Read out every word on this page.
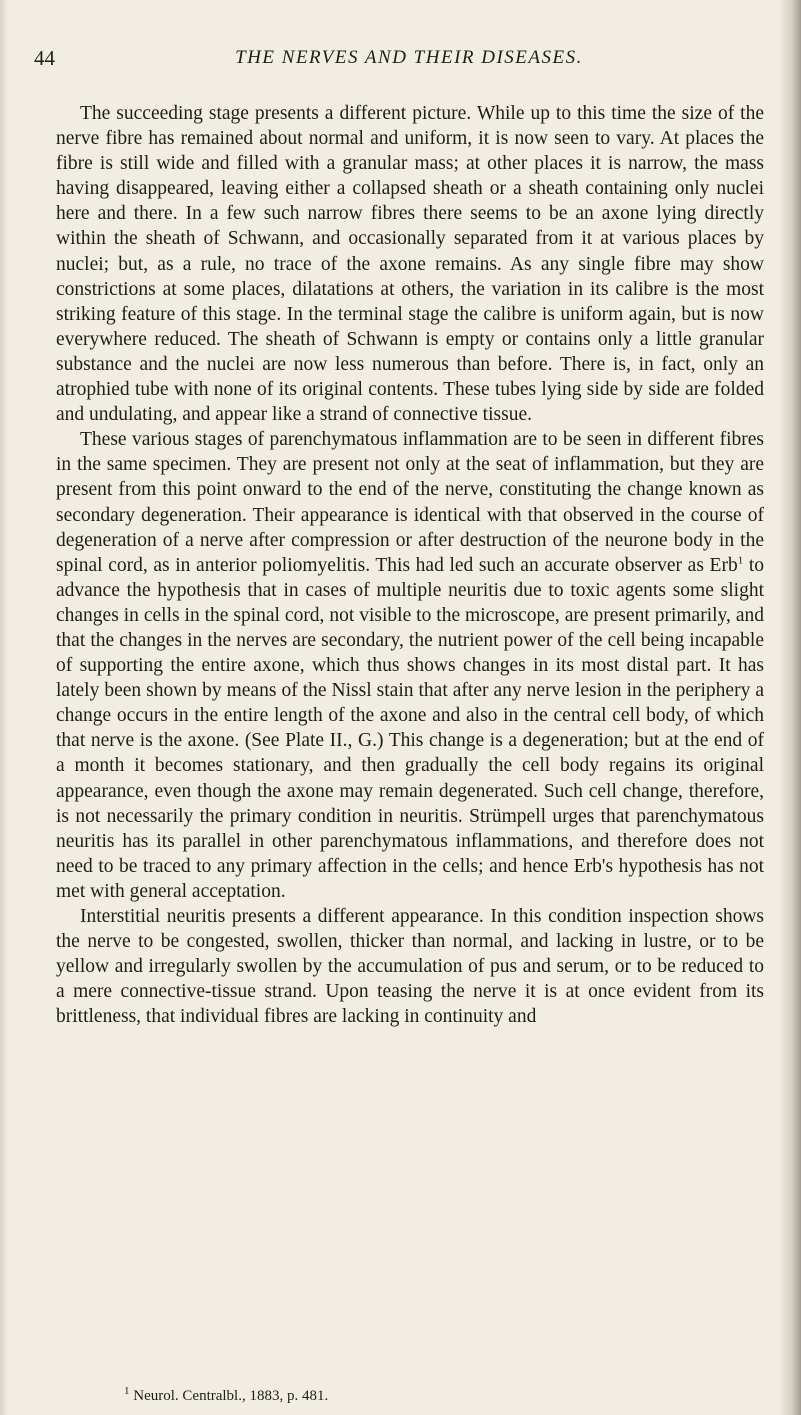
44	THE NERVES AND THEIR DISEASES.

The succeeding stage presents a different picture. While up to this time the size of the nerve fibre has remained about normal and uniform, it is now seen to vary. At places the fibre is still wide and filled with a granular mass; at other places it is narrow, the mass having disappeared, leaving either a collapsed sheath or a sheath containing only nuclei here and there. In a few such narrow fibres there seems to be an axone lying directly within the sheath of Schwann, and occasionally separated from it at various places by nuclei; but, as a rule, no trace of the axone remains. As any single fibre may show constrictions at some places, dilatations at others, the variation in its calibre is the most striking feature of this stage. In the terminal stage the calibre is uniform again, but is now everywhere reduced. The sheath of Schwann is empty or contains only a little granular substance and the nuclei are now less numerous than before. There is, in fact, only an atrophied tube with none of its original contents. These tubes lying side by side are folded and undulating, and appear like a strand of connective tissue.

These various stages of parenchymatous inflammation are to be seen in different fibres in the same specimen. They are present not only at the seat of inflammation, but they are present from this point onward to the end of the nerve, constituting the change known as secondary degeneration. Their appearance is identical with that observed in the course of degeneration of a nerve after compression or after destruction of the neurone body in the spinal cord, as in anterior poliomyelitis. This had led such an accurate observer as Erb$^1$ to advance the hypothesis that in cases of multiple neuritis due to toxic agents some slight changes in cells in the spinal cord, not visible to the microscope, are present primarily, and that the changes in the nerves are secondary, the nutrient power of the cell being incapable of supporting the entire axone, which thus shows changes in its most distal part. It has lately been shown by means of the Nissl stain that after any nerve lesion in the periphery a change occurs in the entire length of the axone and also in the central cell body, of which that nerve is the axone. (See Plate II., G.) This change is a degeneration; but at the end of a month it becomes stationary, and then gradually the cell body regains its original appearance, even though the axone may remain degenerated. Such cell change, therefore, is not necessarily the primary condition in neuritis. Strümpell urges that parenchymatous neuritis has its parallel in other parenchymatous inflammations, and therefore does not need to be traced to any primary affection in the cells; and hence Erb's hypothesis has not met with general acceptation.

Interstitial neuritis presents a different appearance. In this condition inspection shows the nerve to be congested, swollen, thicker than normal, and lacking in lustre, or to be yellow and irregularly swollen by the accumulation of pus and serum, or to be reduced to a mere connective-tissue strand. Upon teasing the nerve it is at once evident from its brittleness, that individual fibres are lacking in continuity and

$^1$ Neurol. Centralbl., 1883, p. 481.
